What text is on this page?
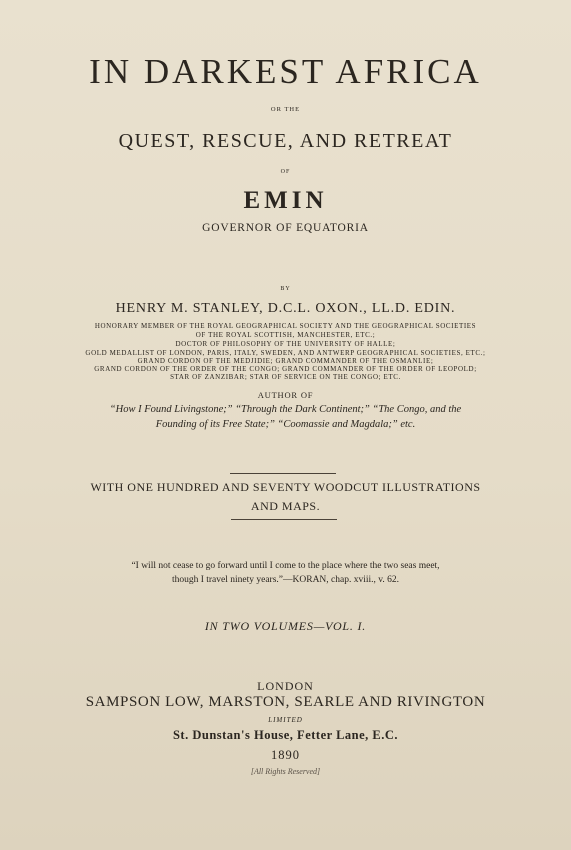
IN DARKEST AFRICA
OR THE
QUEST, RESCUE, AND RETREAT
OF
EMIN
GOVERNOR OF EQUATORIA
BY
HENRY M. STANLEY, D.C.L. OXON., LL.D. EDIN.
HONORARY MEMBER OF THE ROYAL GEOGRAPHICAL SOCIETY AND THE GEOGRAPHICAL SOCIETIES
OF THE ROYAL SCOTTISH, MANCHESTER, ETC.;
DOCTOR OF PHILOSOPHY OF THE UNIVERSITY OF HALLE;
GOLD MEDALLIST OF LONDON, PARIS, ITALY, SWEDEN, AND ANTWERP GEOGRAPHICAL SOCIETIES, ETC.;
GRAND CORDON OF THE MEDJIDIE; GRAND COMMANDER OF THE OSMANLIE;
GRAND CORDON OF THE ORDER OF THE CONGO; GRAND COMMANDER OF THE ORDER OF LEOPOLD;
STAR OF ZANZIBAR; STAR OF SERVICE ON THE CONGO; ETC.
AUTHOR OF
“How I Found Livingstone;” “Through the Dark Continent;” “The Congo, and the
Founding of its Free State;” “Coomassie and Magdala;” etc.
WITH ONE HUNDRED AND SEVENTY WOODCUT ILLUSTRATIONS
AND MAPS.
“I will not cease to go forward until I come to the place where the two seas meet,
though I travel ninety years.”—KORAN, chap. xviii., v. 62.
IN TWO VOLUMES—VOL. I.
LONDON
SAMPSON LOW, MARSTON, SEARLE AND RIVINGTON
LIMITED
St. Dunstan's House, Fetter Lane, E.C.
1890
[All Rights Reserved]
